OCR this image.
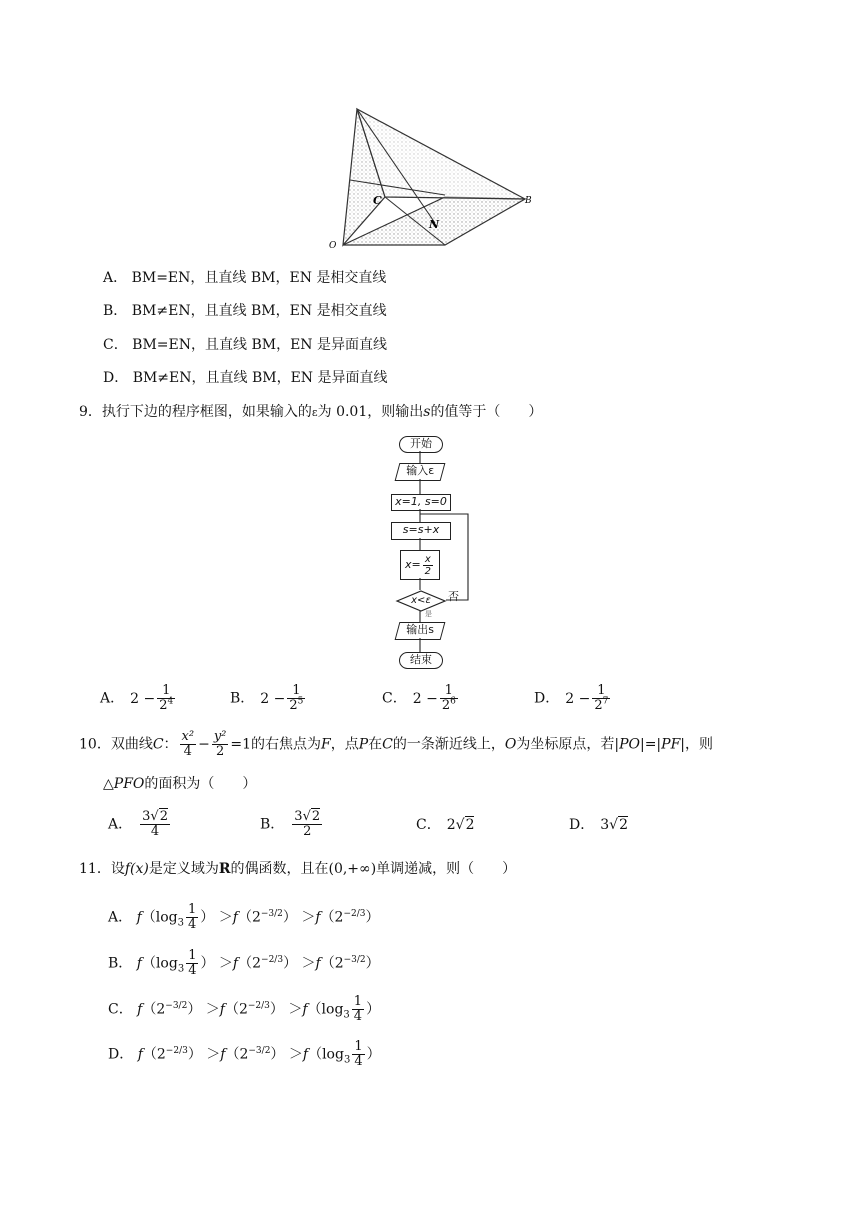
C
N
O
B
A． BM=EN，且直线 BM，EN 是相交直线
B． BM≠EN，且直线 BM，EN 是相交直线
C． BM=EN，且直线 BM，EN 是异面直线
D． BM≠EN，且直线 BM，EN 是异面直线
9．执行下边的程序框图，如果输入的ε为 0.01，则输出s的值等于（　　）
开始
输入ε
x=1, s=0
s=s+x
$x= \frac{x}{2}$
x<ε	否
是
输出s
结束
A． $2 - \frac{1}{2^4}$	B． $2 - \frac{1}{2^5}$	C． $2 - \frac{1}{2^6}$	D． $2 - \frac{1}{2^7}$
10．双曲线C： $\frac{\text{x²}}{4} - \frac{\text{y²}}{2} =1$的右焦点为F，点P在C的一条渐近线上，O为坐标原点，若|PO|=|PF|，则
△PFO的面积为（　　）
A． $\frac{3√2}{4}$	B． $\frac{3√2}{2}$	C． 2√2	D． 3√2
11．设f(x)是定义域为R的偶函数，且在(0,+∞)单调递减，则（　　）
A． $f(\log_3 \frac{1}{4}$ ） $>f(2^{-3/2}) >f(2^{-2/3})$
B． $f(\log_3 \frac{1}{4}$ ） $>f(2^{-2/3}) >f(2^{-3/2})$
C． $f(2^{-3/2}) >f(2^{-2/3}) >f(\log_3 \frac{1}{4}$ ）
D． $f(2^{-2/3}) >f(2^{-3/2}) >f(\log_3 \frac{1}{4}$ ）
